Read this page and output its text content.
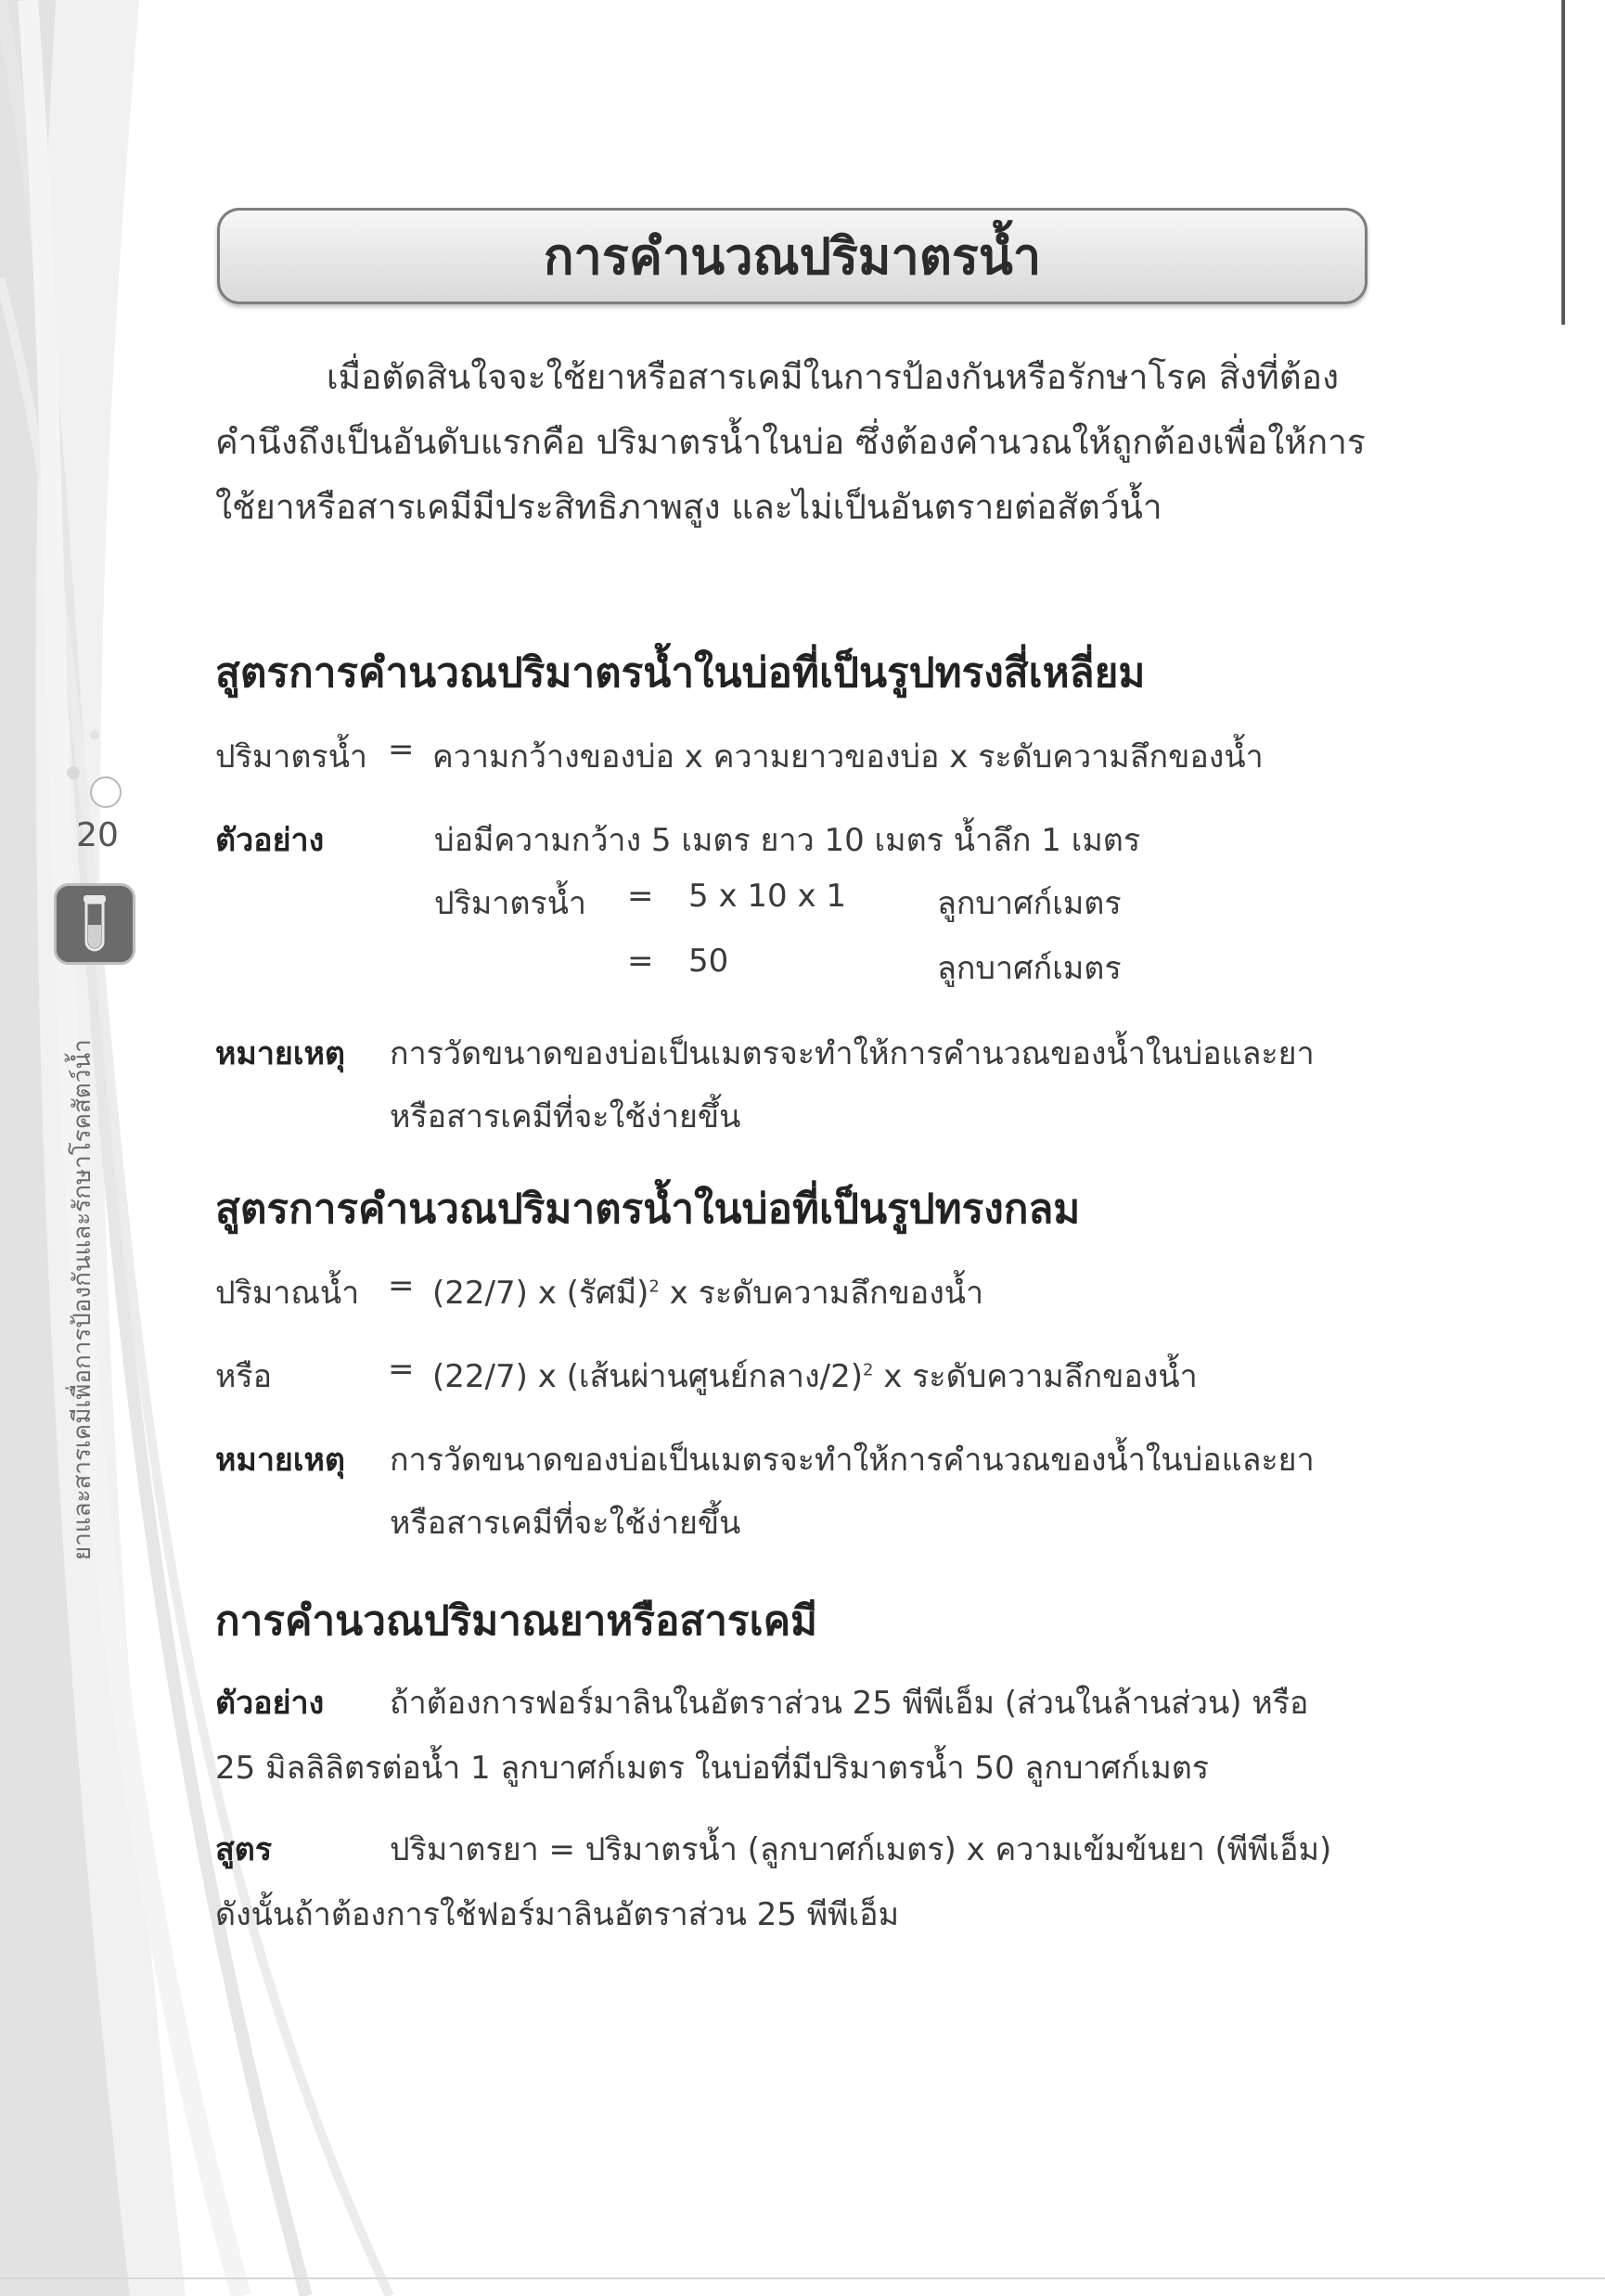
20
ยาและสารเคมีเพื่อการป้องกันและรักษาโรคสัตว์น้ำ
การคำนวณปริมาตรน้ำ
เมื่อตัดสินใจจะใช้ยาหรือสารเคมีในการป้องกันหรือรักษาโรค สิ่งที่ต้องคำนึงถึงเป็นอันดับแรกคือ ปริมาตรน้ำในบ่อ ซึ่งต้องคำนวณให้ถูกต้องเพื่อให้การใช้ยาหรือสารเคมีมีประสิทธิภาพสูง และไม่เป็นอันตรายต่อสัตว์น้ำ
สูตรการคำนวณปริมาตรน้ำในบ่อที่เป็นรูปทรงสี่เหลี่ยม
ปริมาตรน้ำ = ความกว้างของบ่อ x ความยาวของบ่อ x ระดับความลึกของน้ำ
ตัวอย่าง	บ่อมีความกว้าง 5 เมตร ยาว 10 เมตร น้ำลึก 1 เมตร
ปริมาตรน้ำ = 5 x 10 x 1	ลูกบาศก์เมตร
= 50	ลูกบาศก์เมตร
หมายเหตุ การวัดขนาดของบ่อเป็นเมตรจะทำให้การคำนวณของน้ำในบ่อและยา
หรือสารเคมีที่จะใช้ง่ายขึ้น
สูตรการคำนวณปริมาตรน้ำในบ่อที่เป็นรูปทรงกลม
ปริมาณน้ำ = (22/7) x (รัศมี)$^2$ x ระดับความลึกของน้ำ
หรือ	= (22/7) x (เส้นผ่านศูนย์กลาง/2)$^2$ x ระดับความลึกของน้ำ
หมายเหตุ การวัดขนาดของบ่อเป็นเมตรจะทำให้การคำนวณของน้ำในบ่อและยา
หรือสารเคมีที่จะใช้ง่ายขึ้น
การคำนวณปริมาณยาหรือสารเคมี
ตัวอย่าง ถ้าต้องการฟอร์มาลินในอัตราส่วน 25 พีพีเอ็ม (ส่วนในล้านส่วน) หรือ
25 มิลลิลิตรต่อน้ำ 1 ลูกบาศก์เมตร ในบ่อที่มีปริมาตรน้ำ 50 ลูกบาศก์เมตร
สูตร	ปริมาตรยา = ปริมาตรน้ำ (ลูกบาศก์เมตร) x ความเข้มข้นยา (พีพีเอ็ม)
ดังนั้นถ้าต้องการใช้ฟอร์มาลินอัตราส่วน 25 พีพีเอ็ม
